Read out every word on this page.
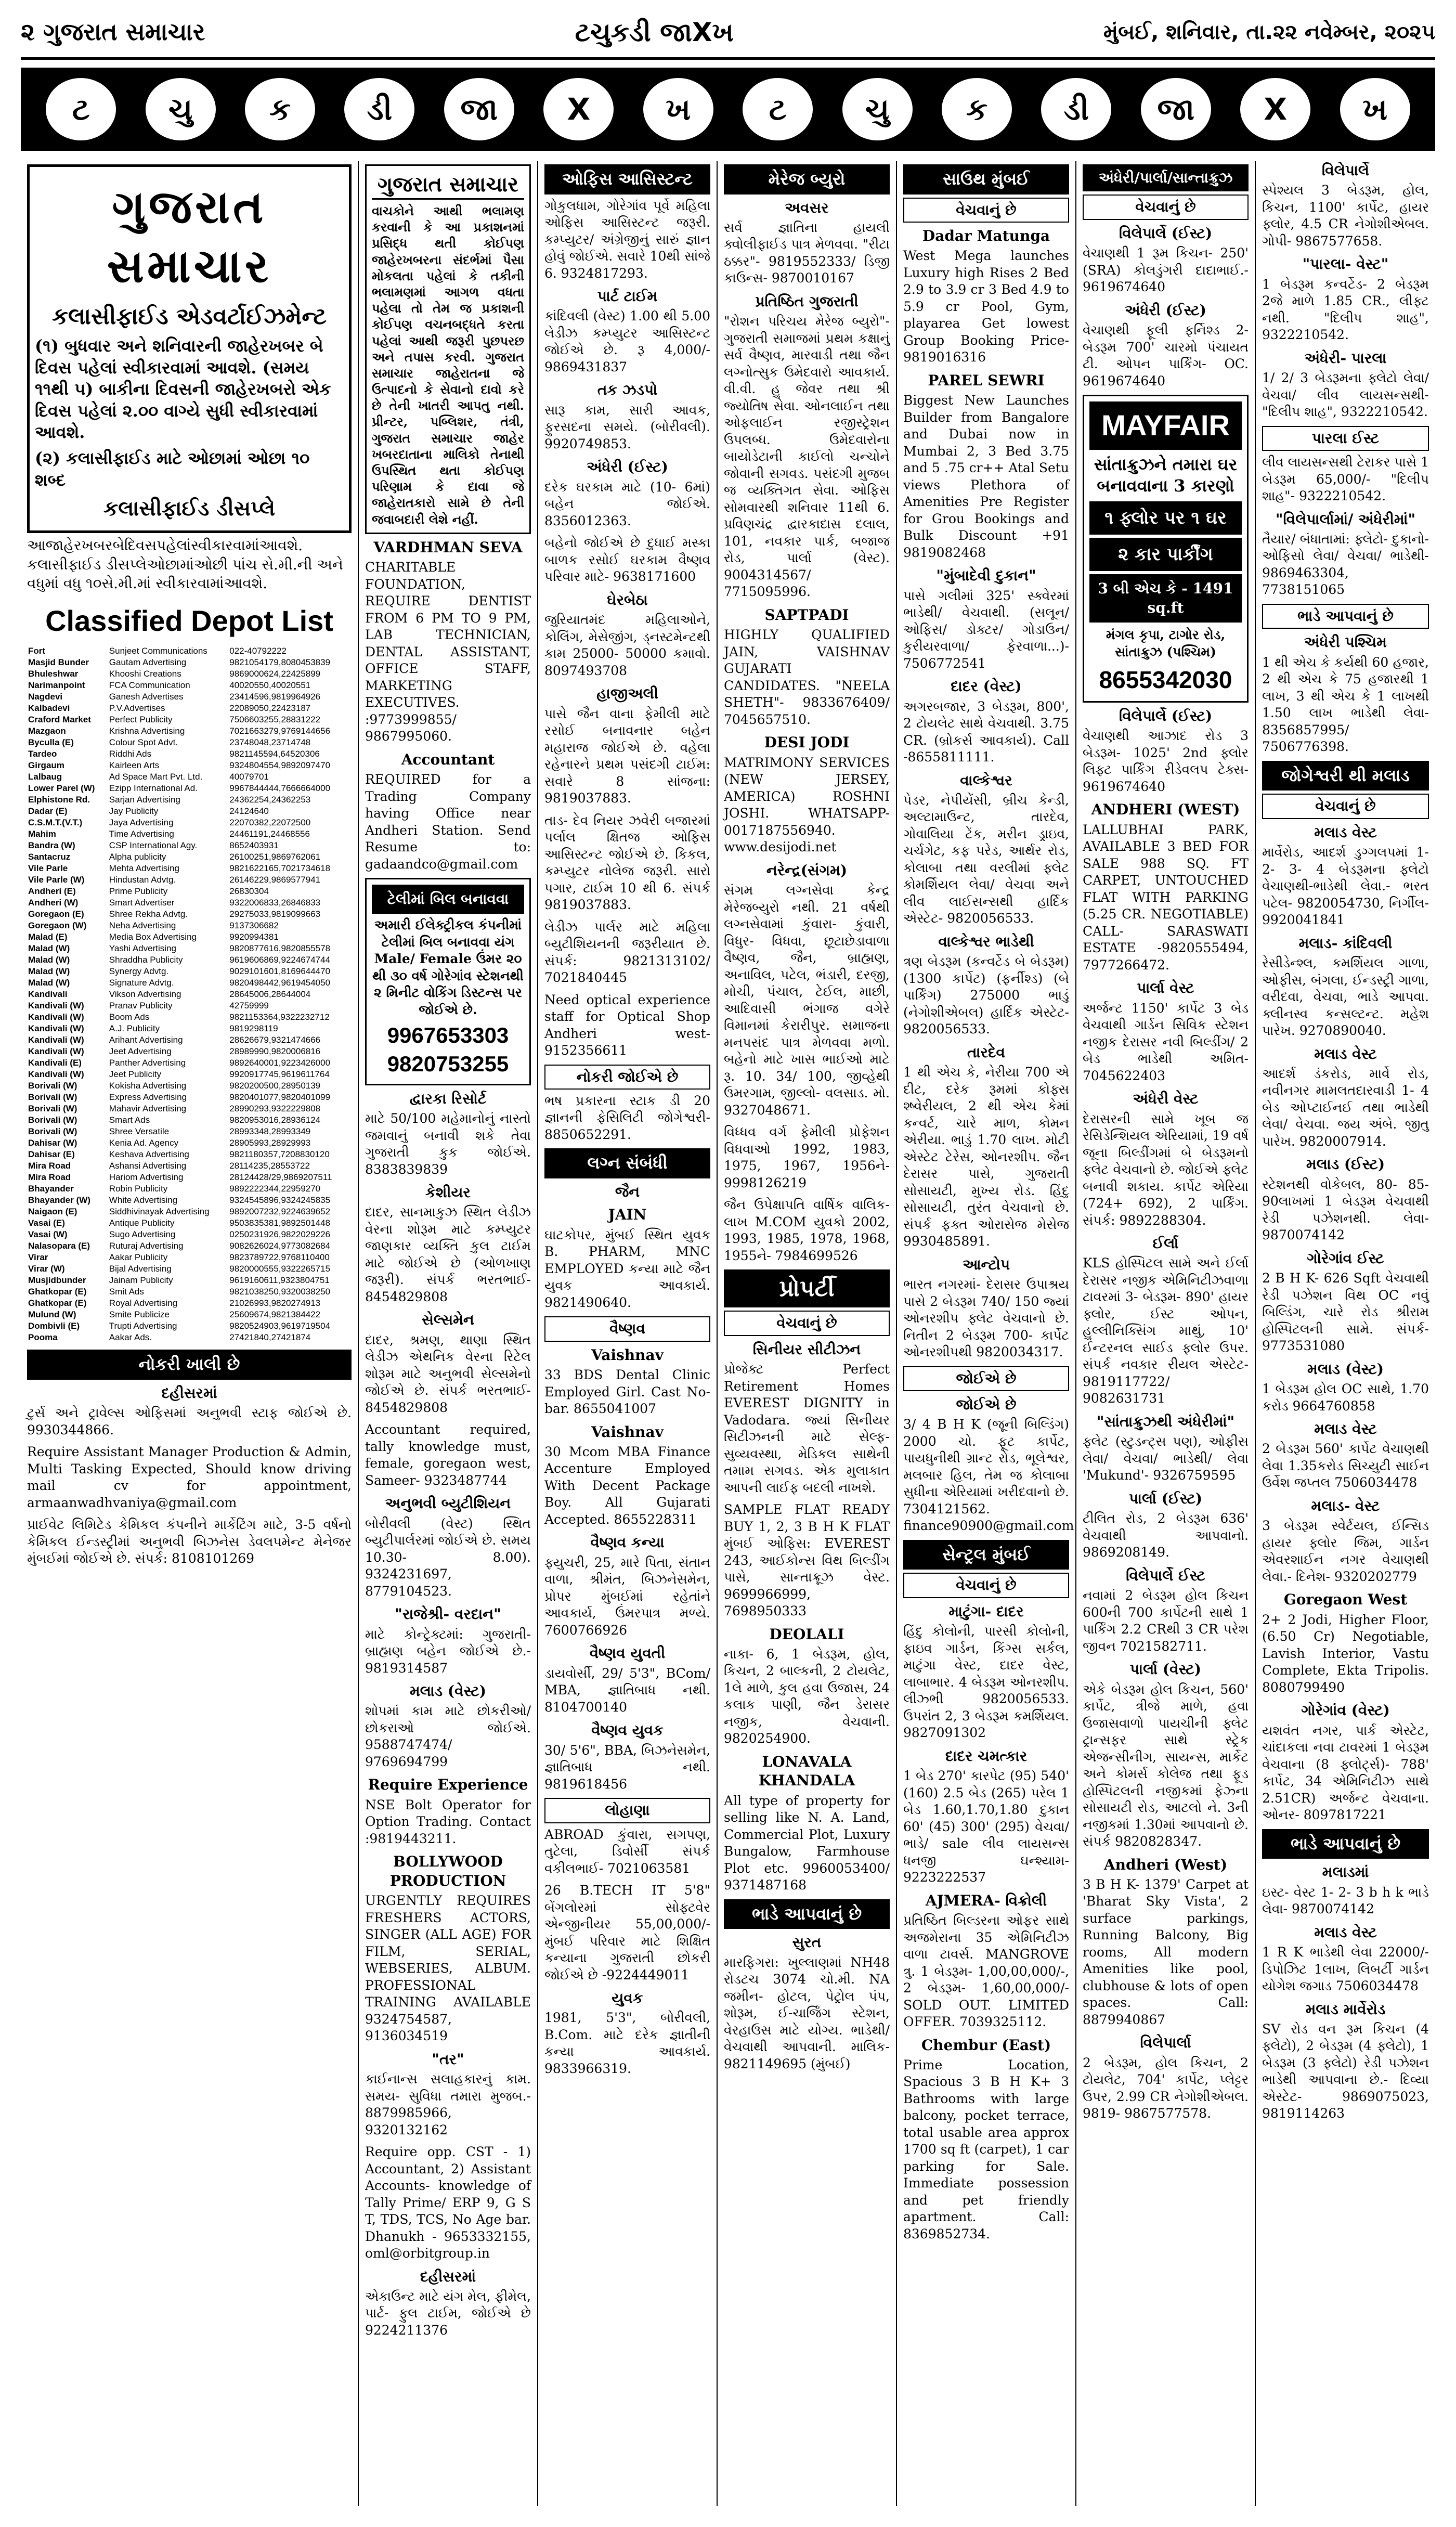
૨ ગુજરાત સમાચાર	ટચુકડી જાXખ	મુંબઈ, શનિવાર, તા.૨૨ નવેમ્બર, ૨૦૨૫
ટ	ચુ	ક	ડી	જા	X	ખ	ટ	ચુ	ક	ડી	જા	X	ખ
ગુજરાત સમાચાર
કલાસીફાઈડ એડવર્ટાઈઝમેન્ટ
(૧) બુધવાર અને શનિવારની જાહેરખબર બે દિવસ પહેલાં સ્વીકારવામાં આવશે. (સમય ૧૧થી ૫) બાકીના દિવસની જાહેરખબરો એક દિવસ પહેલાં ૨.૦૦ વાગ્યે સુધી સ્વીકારવામાં આવશે.
(૨) કલાસીફાઈડ માટે ઓછામાં ઓછા ૧૦ શબ્દ
કલાસીફાઈડ ડીસપ્લે
આજાહેરખબરબેદિવસપહેલાંસ્વીકારવામાંઆવશે. કલાસીફાઈડ ડીસપ્લેઓછામાંઓછી પાંચ સે.મી.ની અને વધુમાં વધુ ૧૦સે.મી.માં સ્વીકારવામાંઆવશે.
Classified Depot List
Fort	Sunjeet Communications	022-40792222
Masjid Bunder	Gautam Advertising	9821054179,8080453839
Bhuleshwar	Khooshi Creations	9869000624,22425899
Narimanpoint	FCA Communication	40020550,40020551
Nagdevi	Ganesh Advertises	23414596,9819964926
Kalbadevi	P.V.Advertises	22089050,22423187
Craford Market	Perfect Publicity	7506603255,28831222
Mazgaon	Krishna Advertising	7021663279,9769144656
Byculla (E)	Colour Spot Advt.	23748048,23714748
Tardeo	Riddhi Ads	9821145594,64520306
Girgaum	Kairleen Arts	9324804554,9892097470
Lalbaug	Ad Space Mart Pvt. Ltd.	40079701
Lower Parel (W)	Ezipp International Ad.	9967844444,7666664000
Elphistone Rd.	Sarjan Advertising	24362254,24362253
Dadar (E)	Jay Publicity	24124640
C.S.M.T.(V.T.)	Jaya Advertising	22070382,22072500
Mahim	Time Advertising	24461191,24468556
Bandra (W)	CSP International Agy.	8652403931
Santacruz	Alpha publicity	26100251,9869762061
Vile Parle	Mehta Advertising	9821622165,7021734618
Vile Parle (W)	Hindustan Advtg.	26146229,9869577941
Andheri (E)	Prime Publicity	26830304
Andheri (W)	Smart Advertiser	9322006833,26846833
Goregaon (E)	Shree Rekha Advtg.	29275033,9819099663
Goregaon (W)	Neha Advertising	9137306682
Malad (E)	Media Box Advertising	9920994381
Malad (W)	Yashi Advertising	9820877616,9820855578
Malad (W)	Shraddha Publicity	9619606869,9224674744
Malad (W)	Synergy Advtg.	9029101601,8169644470
Malad (W)	Signature Advtg.	9820498442,9619454050
Kandivali	Vikson Advertising	28645006,28644004
Kandivali (W)	Pranav Publicity	42759999
Kandivali (W)	Boom Ads	9821153364,9322232712
Kandivali (W)	A.J. Publicity	9819298119
Kandivali (W)	Arihant Advertising	28626679,9321474666
Kandivali (W)	Jeet Advertising	28989990,9820006816
Kandivali (E)	Panther Advertising	9892640001,9223426000
Kandivali (W)	Jeet Publicity	9920917745,9619611764
Borivali (W)	Kokisha Advertising	9820200500,28950139
Borivali (W)	Express Advertising	9820401077,9820401099
Borivali (W)	Mahavir Advertising	28990293,9322229808
Borivali (W)	Smart Ads	9820953016,28936124
Borivali (W)	Shree Versatile	28993348,28993349
Dahisar (W)	Kenia Ad. Agency	28905993,28929993
Dahisar (E)	Keshava Advertising	9821180357,7208830120
Mira Road	Ashansi Advertising	28114235,28553722
Mira Road	Hariom Advertising	28124428/29,9869207511
Bhayander	Robin Publicity	9892222344,22959270
Bhayander (W)	White Advertising	9324545896,9324245835
Naigaon (E)	Siddhivinayak Advertising	9892007232,9224639652
Vasai (E)	Antique Publicity	9503835381,9892501448
Vasai (W)	Sugo Advertising	0250231926,9822029226
Nalasopara (E)	Ruturaj Advertising	9082626024,9773082684
Virar	Aakar Publicity	9823789722,9768110400
Virar (W)	Bijal Advertising	9820000555,9322265715
Musjidbunder	Jainam Publicity	9619160611,9323804751
Ghatkopar (E)	Smit Ads	9821038250,9320038250
Ghatkopar (E)	Royal Advertising	21026993,9820274913
Mulund (W)	Smite Publicize	25609674,9821384422
Dombivli (E)	Trupti Advertising	9820524903,9619719504
Pooma	Aakar Ads.	27421840,27421874
નોકરી ખાલી છે
દહીસરમાં
ટુર્સ અને ટ્રાવેલ્સ ઓફિસમાં અનુભવી સ્ટાફ જોઈએ છે. 9930344866.
Require Assistant Manager Production & Admin, Multi Tasking Expected, Should know driving mail cv for appointment, armaanwadhvaniya@gmail.com
પ્રાઈવેટ લિમિટેડ કેમિકલ કંપનીને માર્કેટિંગ માટે, 3-5 વર્ષનો કેમિકલ ઈન્ડસ્ટ્રીમાં અનુભવી બિઝનેસ ડેવલપમેન્ટ મેનેજર મુંબઈમાં જોઈએ છે. સંપર્ક: 8108101269
ગુજરાત સમાચાર
વાચકોને આથી ભલામણ કરવાની કે આ પ્રકાશનમાં પ્રસિદ્ધ થતી કોઈપણ જાહેરખબરના સંદર્ભમાં પૈસા મોકલતા પહેલાં કે તકીની ભલામણમાં આગળ વધતા પહેલા તો તેમ જ પ્રકાશની કોઈપણ વચનબદ્ધતે કરતા પહેલાં આથી જરૂરી પુછપરછ અને તપાસ કરવી. ગુજરાત સમાચાર જાહેરાતના જે ઉત્પાદનો કે સેવાનો દાવો કરે છે તેની ખાતરી આપતુ નથી. પ્રીન્ટર, પબ્લિશર, તંત્રી, ગુજરાત સમાચાર જાહેર ખબરદાતાના માલિકો તેનાથી ઉપસ્થિત થતા કોઈપણ પરિણામ કે દાવા જે જાહેરાતકારો સામે છે તેની જવાબદારી લેશે નહીં.
VARDHMAN SEVA
CHARITABLE FOUNDATION, REQUIRE DENTIST FROM 6 PM TO 9 PM, LAB TECHNICIAN, DENTAL ASSISTANT, OFFICE STAFF, MARKETING EXECUTIVES. :9773999855/ 9867995060.
Accountant
REQUIRED for a Trading Company having Office near Andheri Station. Send Resume to: gadaandco@gmail.com
ટેલીમાં બિલ બનાવવા
અમારી ઈલેક્ટ્રીકલ કંપનીમાં ટેલીમાં બિલ બનાવવા યંગ Male/ Female ઉંમર ૨૦ થી ૩૦ વર્ષ ગોરેગાંવ સ્ટેશનથી ૨ મિનીટ વોકિંગ ડિસ્ટન્સ પર જોઈએ છે.
9967653303
9820753255
દ્વારકા રિસોર્ટ
માટે 50/100 મહેમાનોનું નાસ્તો જમવાનું બનાવી શકે તેવા ગુજરાતી કુક જોઈએ. 8383839839
કેશીયર
દાદર, સાનમાકુઝ સ્થિત લેડીઝ વેરના શોરૂમ માટે કમ્પ્યુટર જાણકાર વ્યક્તિ કુલ ટાઈમ માટે જોઈએ છે (ઓળખાણ જરૂરી). સંપર્ક ભરતભાઈ- 8454829808
સેલ્સમેન
દાદર, શ્રમણ, થાણા સ્થિત લેડીઝ એથનિક વેરના રિટેલ શોરૂમ માટે અનુભવી સેલ્સમેનો જોઈએ છે. સંપર્ક ભરતભાઈ- 8454829808
Accountant required, tally knowledge must, female, goregaon west, Sameer- 9323487744
અનુભવી બ્યુટીશિયન
બોરીવલી (વેસ્ટ) સ્થિત બ્યુટીપાર્લરમાં જોઈએ છે. સમય 10.30- 8.00). 9324231697, 8779104523.
"રાજેશ્રી- વરદાન"
માટે કોન્ટ્રેક્ટમાં: ગુજરાતી- બ્રાહ્મણ બહેન જોઈએ છે.- 9819314587
મલાડ (વેસ્ટ)
શોપમાં કામ માટે છોકરીઓ/ છોકરાઓ જોઈએ. 9588747474/ 9769694799
Require Experience
NSE Bolt Operator for Option Trading. Contact :9819443211.
BOLLYWOOD PRODUCTION
URGENTLY REQUIRES FRESHERS ACTORS, SINGER (ALL AGE) FOR FILM, SERIAL, WEBSERIES, ALBUM. PROFESSIONAL TRAINING AVAILABLE 9324754587, 9136034519
"તર"
કાઈનાન્સ સલાહકારનું કામ. સમય- સુવિધા તમારા મુજબ.- 8879985966, 9320132162
Require opp. CST - 1) Accountant, 2) Assistant Accounts- knowledge of Tally Prime/ ERP 9, G S T, TDS, TCS, No Age bar. Dhanukh - 9653332155, oml@orbitgroup.in
દહીસરમાં
એકાઉન્ટ માટે યંગ મેલ, ફીમેલ, પાર્ટ- ફુલ ટાઈમ, જોઈએ છે 9224211376
ઓફિસ આસિસ્ટન્ટ
ગોકુલધામ, ગોરેગાંવ પૂર્વે મહિલા ઓફિસ આસિસ્ટન્ટ જરૂરી. કમ્પ્યુટર/ અંગ્રેજીનું સારું જ્ઞાન હોવું જોઈએ. સવારે 10થી સાંજે 6. 9324817293.
પાર્ટ ટાઈમ
કાંદિવલી (વેસ્ટ) 1.00 થી 5.00 લેડીઝ કમ્પ્યુટર આસિસ્ટન્ટ જોઈએ છે. રૂ 4,000/- 9869431837
તક ઝડપો
સારૂ કામ, સારી આવક, ફુરસદના સમયે. (બોરીવલી). 9920749853.
અંધેરી (ઈસ્ટ)
દરેક ઘરકામ માટે (10- 6માં) બહેન જોઈએ. 8356012363.
બહેનો જોઈએ છે દુધાઈ મસ્કા બાળક રસોઈ ઘરકામ વૈષ્ણવ પરિવાર માટે- 9638171600
ઘેરબેઠા
જુરિયાતમંદ મહિલાઓને, કોલિંગ, મેસેજીંગ, ડ્નસ્ટમેન્ટથી કામ 25000- 50000 કમાવો. 8097493708
હાજીઅલી
પાસે જૈન વાના ફેમીલી માટે રસોઈ બનાવનાર બહેન મહારાજ જોઈએ છે. વહેલા રહેનારને પ્રથમ પસંદગી ટાઈમ: સવારે 8 સાંજના: 9819037883.
તાડ- દેવ નિયર ઝવેરી બજારમાં પર્લાલ ક્ષિતજ ઓફિસ આસિસ્ટન્ટ જોઈએ છે. કિકલ, કમ્પ્યુટર નોલેજ જરૂરી. સારો પગાર, ટાઈમ 10 થી 6. સંપર્ક 9819037883.
લેડીઝ પાર્લર માટે મહિલા બ્યુટીશિયનની જરૂરીયાત છે. સંપર્ક: 9821313102/ 7021840445
Need optical experience staff for Optical Shop Andheri west- 9152356611
નોકરી જોઈએ છે
ભષ પ્રકારના સ્ટાક ડી 20 જ્ઞાનની ફેસિલિટી જોગેશ્વરી- 8850652291.
લગ્ન સંબંધી
જૈન
JAIN
ઘાટકોપર, મુંબઈ સ્થિત યુવક B. PHARM, MNC EMPLOYED કન્યા માટે જૈન યુવક આવકાર્ય. 9821490640.
વૈષ્ણવ
Vaishnav
33 BDS Dental Clinic Employed Girl. Cast No- bar. 8655041007
Vaishnav
30 Mcom MBA Finance Accenture Employed With Decent Package Boy. All Gujarati Accepted. 8655228311
વૈષ્ણવ કન્યા
ફ્યુચરી, 25, મારે પિતા, સંતાન વાળા, શ્રીમંત, બિઝનેસમેન, પ્રોપર મુંબઈમાં રહેતાંને આવકાર્ય, ઉંમરપાત્ર મળ્યે. 7600766926
વૈષ્ણવ યુવતી
ડાયવોર્સી, 29/ 5'3", BCom/ MBA, જ્ઞાતિબાધ નથી. 8104700140
વૈષ્ણવ યુવક
30/ 5'6", BBA, બિઝનેસમેન, જ્ઞાતિબાધ નથી. 9819618456
લોહાણા
ABROAD કુંવારા, સગપણ, તુટેલા, ડિવોર્સી સંપર્ક વકીલભાઈ- 7021063581
26 B.TECH IT 5'8" બેંગલોરમાં સોફ્ટવેર એન્જીનીયર 55,00,000/- મુંબઈ પરિવાર માટે શિક્ષિત કન્યાના ગુજરાતી છોકરી જોઈએ છે -9224449011
યુવક
1981, 5'3", બોરીવલી, B.Com. માટે દરેક જ્ઞાતીની કન્યા આવકાર્ય. 9833966319.
મેરેજ બ્યુરો
અવસર
સર્વ જ્ઞાતિના હાયલી ક્વોલીફાઈડ પાત્ર મેળવવા. "રીટા ઠક્કર"- 9819552333/ ડિજી કાઉન્સ- 9870010167
પ્રતિષ્ઠિત ગુજરાતી
"રોશન પરિચય મેરેજ બ્યુરો"- ગુજરાતી સમાજમાં પ્રથમ કક્ષાનું સર્વ વૈષ્ણવ, મારવાડી તથા જૈન લગ્નોત્સુક ઉમેદવારો આવકાર્ય. વી.વી. હુ જેવર તથા શ્રી જ્યોતિષ સેવા. ઓનલાઈન તથા ઓફલાઈન રજીસ્ટ્રેશન ઉપલબ્ધ. ઉમેદવારોના બાયોડેટાની કાઈલો ચન્ચોને જોવાની સગવડ. પસંદગી મુજબ જ વ્યક્તિગત સેવા. ઓફિસ સોમવારથી શનિવાર 11થી 6. પ્રવિણચંદ્ર દ્વારકાદાસ દલાલ, 101, નવકાર પાર્ક, બજાજ રોડ, પાર્લા (વેસ્ટ). 9004314567/ 7715095996.
SAPTPADI
HIGHLY QUALIFIED JAIN, VAISHNAV GUJARATI CANDIDATES. "NEELA SHETH"- 9833676409/ 7045657510.
DESI JODI
MATRIMONY SERVICES (NEW JERSEY, AMERICA) ROSHNI JOSHI. WHATSAPP- 0017187556940. www.desijodi.net
નરેન્દ્ર(સંગમ)
સંગમ લગ્નસેવા કેન્દ્ર મેરેજબ્યુરો નથી. 21 વર્ષથી લગ્નસેવામાં કુંવારા- કુંવારી, વિધુર- વિધવા, છૂટાછેડાવાળા વૈષ્ણવ, જૈન, બ્રાહ્મણ, અનાવિલ, પટેલ, ભંડારી, દરજી, મોચી, પંચાલ, ટેઈલ, માછી, આદિવાસી ભંગાજ વગેરે વિમાનમાં કેરારીપુર. સમાજના મનપસંદ પાત્ર મેળવવા મળો. બહેનો માટે ખાસ ભાઈઓ માટે રૂ. 10. 34/ 100, જીવ્હેથી ઉમરગામ, જીલ્લો- વલસાડ. મો. 9327048671.
વિધ્ધવ વર્ગ ફેમીલી પ્રોફેશન વિધવાઓ 1992, 1983, 1975, 1967, 1956ને- 9998126219
જૈન ઉપેક્ષાપતિ વાર્ષિક વાલિક- લાખ M.COM યુવકો 2002, 1993, 1985, 1978, 1968, 1955ને- 7984699526
પ્રોપર્ટી
વેચવાનું છે
સિનીયર સીટીઝન
પ્રોજેક્ટ Perfect Retirement Homes EVEREST DIGNITY in Vadodara. જ્યાં સિનીયર સિટીઝનની માટે સેલ્ફ-સુવ્યવસ્થા, મેડિકલ સાથેની તમામ સગવડ. એક મુલાકાત આપની લાઈફ બદલી નાખશે.
SAMPLE FLAT READY BUY 1, 2, 3 B H K FLAT મુંબઈ ઓફિસ: EVEREST 243, આઈકોન્સ વિથ બિલ્ડીંગ પાસે, સાન્તાક્રૂઝ વેસ્ટ. 9699966999, 7698950333
DEOLALI
નાકા- 6, 1 બેડરૂમ, હોલ, કિચન, 2 બાલ્કની, 2 ટોયલેટ, 1લે માળે, કુલ હવા ઉજાસ, 24 કલાક પાણી, જૈન ડેરાસર નજીક, વેચવાની. 9820254900.
LONAVALA KHANDALA
All type of property for selling like N. A. Land, Commercial Plot, Luxury Bungalow, Farmhouse Plot etc. 9960053400/ 9371487168
ભાડે આપવાનું છે
સુરત
મારફિગરા: ખુલ્લાણમાં NH48 રોડટચ 3074 ચો.મી. NA જમીન- હોટલ, પેટ્રોલ પંપ, શોરૂમ, ઈ-ચાર્જિંગ સ્ટેશન, વેરહાઉસ માટે યોગ્ય. ભાડેથી/ વેચવાથી આપવાની. માલિક- 9821149695 (મુંબઈ)
સાઉથ મુંબઈ
વેચવાનું છે
Dadar Matunga
West Mega launches Luxury high Rises 2 Bed 2.9 to 3.9 cr 3 Bed 4.9 to 5.9 cr Pool, Gym, playarea Get lowest Group Booking Price- 9819016316
PAREL SEWRI
Biggest New Launches Builder from Bangalore and Dubai now in Mumbai 2, 3 Bed 3.75 and 5 .75 cr++ Atal Setu views Plethora of Amenities Pre Register for Grou Bookings and Bulk Discount +91 9819082468
"મુંબાદેવી દુકાન"
પાસે ગલીમાં 325' સ્ક્વેરમાં ભાડેથી/ વેચવાથી. (સલૂન/ ઓફિસ/ ડોક્ટર/ ગોડાઉન/ કુરીયરવાળા/ ફેરવાળા...)- 7506772541
દાદર (વેસ્ટ)
અગરબજાર, 3 બેડરૂમ, 800', 2 ટોયલેટ સાથે વેચવાથી. 3.75 CR. (બ્રોકર્સ આવકાર્ય). Call -8655811111.
વાલ્કેશ્વર
પેડર, નેપીયેંસી, બ્રીચ કેન્ડી, અલ્ટામાઉન્ટ, તારદેવ, ગોવાલિયા ટેંક, મરીન ડ્રાઇવ, ચર્ચગેટ, કફ પરેડ, આર્થર રોડ, કોલાબા તથા વરલીમાં ફ્લેટ કોમર્શિયલ લેવા/ વેચવા અને લીવ લાઈસન્સથી હાર્દિક એસ્ટેટ- 9820056533.
વાલ્કેશ્વર ભાડેથી
ત્રણ બેડરૂમ (કન્વર્ટેડ બે બેડરૂમ) (1300 કાર્પેટ) (ફર્નીશ્ડ) (બે પાર્કિંગ) 275000 ભાડું (નેગોશીએબલ) હાર્દિક એસ્ટેટ- 9820056533.
તારદેવ
1 થી એચ કે, નેરીયા 700 એ દીટ, દરેક રૂમમાં કોફ્સ શ્ષ્વેરીયલ, 2 થી એચ કેમાં કન્વર્ટ, ચારે માળ, કોમન એરીયા. ભાડું 1.70 લાખ. મોટી એસ્ટેટ ટેરેસ, ઓનરશીપ. જૈન દેરાસર પાસે, ગુજરાતી સોસાયટી, મુખ્ય રોડ. હિંદુ સોસાયટી, તુરંત વેચવાનો છે. સંપર્ક ફક્ત ઓરાસેજ મેસેજ 9930485891.
આન્ટોપ
ભારત નગરમાં- દેરાસર ઉપાશ્રય પાસે 2 બેડરૂમ 740/ 150 જ્યાં ઓનરશીપ ફ્લેટ વેચવાનો છે. નિતીન 2 બેડરૂમ 700- કાર્પેટ ઓનરશીપથી 9820034317.
જોઈએ છે
જોઈએ છે
3/ 4 B H K (જૂની બિલ્ડિંગ) 2000 ચો. ફૂટ કાર્પેટ, પાયધુનીથી ગ્રાન્ટ રોડ, ભૂલેશ્વર, મલબાર હિલ, તેમ જ કોલાબા સુધીના એરિયામાં ખરીદવાનો છે. 7304121562. finance90900@gmail.com
સેન્ટ્રલ મુંબઈ
વેચવાનું છે
માટુંગા- દાદર
હિંદુ કોલોની, પારસી કોલોની, ફાઇવ ગાર્ડન, કિંગ્સ સર્કલ, માટુંગા વેસ્ટ, દાદર વેસ્ટ, લાબાભાર. 4 બેડરૂમ ઓનરશીપ. લીઝ્ભી 9820056533. ઉપરાંત 2, 3 બેડરૂમ કમર્શિયલ. 9827091302
દાદર ચમત્કાર
1 બેડ 270' કારપેટ (95) 540' (160) 2.5 બેડ (265) પરેલ 1 બેડ 1.60,1.70,1.80 દુકાન 60' (45) 300' (295) વેચવા/ ભાડે/ sale લીવ લાયસન્સ ધનજી ઘન્શ્યામ- 9223222537
AJMERA- વિક્રોલી
પ્રતિષ્ઠિત બિલ્ડરના ઓફર સાથે અજમેરાના 35 એમિનિટીઝ વાળા ટાવર્સ. MANGROVE ત્રુ. 1 બેડરૂમ- 1,00,00,000/-, 2 બેડરૂમ- 1,60,00,000/- SOLD OUT. LIMITED OFFER. 7039325112.
Chembur (East)
Prime Location, Spacious 3 B H K+ 3 Bathrooms with large balcony, pocket terrace, total usable area approx 1700 sq ft (carpet), 1 car parking for Sale. Immediate possession and pet friendly apartment. Call: 8369852734.
અંધેરી/પાર્લા/સાન્તાક્રુઝ
વેચવાનું છે
વિલેપાર્લે (ઈસ્ટ)
વેચાણથી 1 રૂમ કિચન- 250' (SRA) કોલડુંગરી દાદાભાઈ.- 9619674640
અંધેરી (ઈસ્ટ)
વેચાણથી ફૂલી ફર્નિશ્ડ 2- બેડરૂમ 700' ચારમો પંચાયત ટી. ઓપન પાર્કિંગ- OC. 9619674640
MAYFAIR
સાંતાક્રુઝને તમારા ઘર બનાવવાના 3 કારણો
૧ ફ્લોર પર ૧ ઘર
૨ કાર પાર્કીંગ
3 બી એચ કે - 1491 sq.ft
મંગલ કૃપા, ટાગોર રોડ, સાંતાક્રુઝ (પશ્ચિમ)
8655342030
વિલેપાર્લે (ઈસ્ટ)
વેચાણથી આઝાદ રોડ 3 બેડરૂમ- 1025' 2nd ફ્લોર લિફ્ટ પાર્કિંગ રીડેવલપ ટેક્સ- 9619674640
ANDHERI (WEST)
LALLUBHAI PARK, AVAILABLE 3 BED FOR SALE 988 SQ. FT CARPET, UNTOUCHED FLAT WITH PARKING (5.25 CR. NEGOTIABLE) CALL- SARASWATI ESTATE -9820555494, 7977266472.
પાર્લા વેસ્ટ
અર્જન્ટ 1150' કાર્પેટ 3 બેડ વેચવાથી ગાર્ડન સિવિક સ્ટેશન નજીક દેરાસર નવી બિલ્ડીંગ/ 2 બેડ ભાડેથી અમિત- 7045622403
અંધેરી વેસ્ટ
દેરાસરની સામે ખૂબ જ રેસિડેન્શિયલ એરિયામાં, 19 વર્ષ જૂના બિલ્ડીંગમાં બે બેડરૂમનો ફ્લેટ વેચવાનો છે. જોઈએ ફ્લેટ બનાવી શકાય. કાર્પેટ એરિયા (724+ 692), 2 પાર્કિંગ. સંપર્ક: 9892288304.
ઈર્લા
KLS હોસ્પિટલ સામે અને ઈર્લા દેરાસર નજીક એમિનિટીઝવાળા ટાવરમાં 3- બેડરૂમ- 890' હાયર ફ્લોર, ઈસ્ટ ઓપન, હુલ્લીનિક્સિંગ માથું, 10' ઈન્ટરનલ સાઈડ ફ્લોર ઉપર. સંપર્ક નવકાર રીયલ એસ્ટેટ- 9819117722/ 9082631731
"સાંતાક્રુઝથી અંધેરીમાં"
ફ્લેટ (સ્ટુડન્ટ્સ પણ), ઓફીસ લેવા/ વેચવા/ ભાડેથી/ લેવા 'Mukund'- 9326759595
પાર્લા (ઈસ્ટ)
ટીલિત રોડ, 2 બેડરૂમ 636' વેચવાથી આપવાનો. 9869208149.
વિલેપાર્લે ઈસ્ટ
નવામાં 2 બેડરૂમ હોલ કિચન 600ની 700 કાર્પેટની સાથે 1 પાર્કિંગ 2.2 CRથી 3 CR ૫રેશ જીવન 7021582711.
પાર્લા (વેસ્ટ)
એકે બેડરૂમ હોલ કિચન, 560' કાર્પેટ, ત્રીજે માળે, હવા ઉજાસવાળો પાયચીની ફ્લેટ ટ્રાન્સફર સાથે સ્ટ્રેક એજન્સીનીગ, સાયન્સ, માર્કેટ અને કોમર્સ કોલેજ તથા ફૂડ હોસ્પિટલની નજીકમાં ફેઝ્ના સોસાયટી રોડ, આટલો ને. 3ની નજીકમાં 1.30માં આપવાનો છે. સંપર્ક 9820828347.
Andheri (West)
3 B H K- 1379' Carpet at 'Bharat Sky Vista', 2 surface parkings, Running Balcony, Big rooms, All modern Amenities like pool, clubhouse & lots of open spaces. Call: 8879940867
વિલેપાર્લા
2 બેડરૂમ, હોલ કિચન, 2 ટોયલેટ, 704' કાર્પેટ, પ્લેટ્ટર ઉપર, 2.99 CR નેગોશીએબલ. 9819- 9867577578.
વિલેપાર્લે
સ્પેશ્યલ 3 બેડરૂમ, હોલ, કિચન, 1100' કાર્પેટ, હાયર ફ્લોર, 4.5 CR નેગોશીએબલ. ગોપી- 9867577658.
"પારલા- વેસ્ટ"
1 બેડરૂમ કન્વર્ટેડ- 2 બેડરૂમ 2જે માળે 1.85 CR., લીફ્ટ નથી. "દિલીપ શાહ", 9322210542.
અંધેરી- પારલા
1/ 2/ 3 બેડરૂમના ફ્લેટો લેવા/ વેચવા/ લીવ લાયસન્સથી- "દિલીપ શાહ", 9322210542.
પારલા ઈસ્ટ
લીવ લાયસન્સથી ટેરાકર પાસે 1 બેડરૂમ 65,000/- "દિલીપ શાહ"- 9322210542.
"વિલેપાર્લામાં/ અંધેરીમાં"
તૈયાર/ બંધાતામાં: ફ્લેટો- દુકાનો- ઓફિસો લેવા/ વેચવા/ ભાડેથી- 9869463304, 7738151065
ભાડે આપવાનું છે
અંધેરી પશ્ચિમ
1 થી એચ કે કર્યથી 60 હજાર, 2 થી એચ કે 75 હજારથી 1 લાખ, 3 થી એચ કે 1 લાખથી 1.50 લાખ ભાડેથી લેવા- 8356857995/ 7506776398.
જોગેશ્વરી થી મલાડ
વેચવાનું છે
મલાડ વેસ્ટ
માર્વેરોડ, આદર્શ ડુગ્ગલપમાં 1- 2- 3- 4 બેડરૂમના ફ્લેટો વેચાણથી-ભાડેથી લેવા.- ભરત પટેલ- 9820054730, નિર્ગીલ- 9920041841
મલાડ- કાંદિવલી
રેસીડેન્શ્લ, કમર્શિયલ ગાળા, ઓફીસ, બંગલા, ઈન્ડસ્ટ્રી ગાળા, વરીદવા, વેચવા, ભાડે આપવા. ક્લીનસ્વ કન્સલ્ટન્ટ. મહેશ પારેખ. 9270890040.
મલાડ વેસ્ટ
આદર્શ ડંકરોડ, માર્વે રોડ, નવીનગર મામલતદારવાડી 1- 4 બેડ ઓપ્ટાઈનઈ તથા ભાડેથી લેવા/ વેચવા. જય અંબે. જીતુ પારેખ. 9820007914.
મલાડ (ઈસ્ટ)
સ્ટેશનથી વોકેબલ, 80- 85- 90લાખમાં 1 બેડરૂમ વેચવાથી રેડી પઝેશનથી. લેવા- 9870074142
ગોરેગાંવ ઈસ્ટ
2 B H K- 626 Sqft વેચવાથી રેડી પઝેશન વિથ OC નવું બિલ્ડિંગ, ચારે રોડ શ્રીરામ હોસ્પિટલની સામે. સંપર્ક- 9773531080
મલાડ (વેસ્ટ)
1 બેડરૂમ હોલ OC સાથે, 1.70 કરોડ 9664760858
મલાડ વેસ્ટ
2 બેડરૂમ 560' કાર્પેટ વેચાણથી લેવા 1.35કરોડ સિચ્યુટી સાઈન ઉર્વેશ જપ્તલ 7506034478
મલાડ- વેસ્ટ
3 બેડરૂમ સ્વેર્ટયલ, ઈન્સિડ હાયર ફ્લોર જિમ, ગાર્ડન એવરશાઈન નગર વેચાણથી લેવા.- દિનેશ- 9320202779
Goregaon West
2+ 2 Jodi, Higher Floor, (6.50 Cr) Negotiable, Lavish Interior, Vastu Complete, Ekta Tripolis. 8080799490
ગોરેગાંવ (વેસ્ટ)
યશવંત નગર, પાર્ક એસ્ટેટ, ચાંદાકલા નવા ટાવરમાં 1 બેડરૂમ વેચવાના (8 ફ્લોર્ટ્સ)- 788' કાર્પેટ, 34 એમિનિટીઝ સાથે 2.51CR) અર્જન્ટ વેચવાના. ઓનર- 8097817221
ભાડે આપવાનું છે
મલાડમાં
ઇસ્ટ- વેસ્ટ 1- 2- 3 b h k ભાડે લેવા- 9870074142
મલાડ વેસ્ટ
1 R K ભાડેથી લેવા 22000/- ડિપોઝિટ 1લાખ, લિબર્ટી ગાર્ડન યોગેશ જગાડ 7506034478
મલાડ માર્વેરોડ
SV રોડ વન રૂમ કિચન (4 ફ્લેટો), 2 બેડરૂમ (4 ફ્લેટો), 1 બેડરૂમ (3 ફ્લેટો) રેડી પઝેશન ભાડેથી આપવાના છે.- દિવ્યા એસ્ટેટ- 9869075023, 9819114263
